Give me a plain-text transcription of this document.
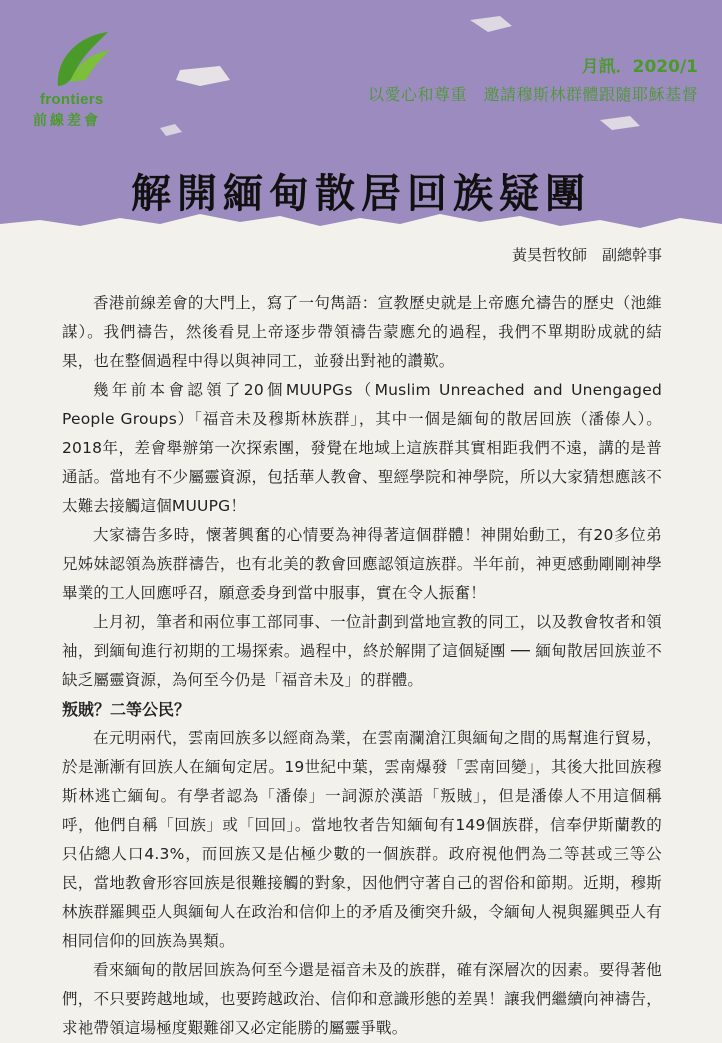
frontiers
前線差會
月訊．2020/1
以愛心和尊重　邀請穆斯林群體跟隨耶穌基督
解開緬甸散居回族疑團
黃昊哲牧師　副總幹事

香港前線差會的大門上，寫了一句雋語：宣教歷史就是上帝應允禱告的歷史（池維謀）。我們禱告，然後看見上帝逐步帶領禱告蒙應允的過程，我們不單期盼成就的結果，也在整個過程中得以與神同工，並發出對祂的讚歎。

幾年前本會認領了20個MUUPGs（Muslim Unreached and Unengaged People Groups）「福音未及穆斯林族群」，其中一個是緬甸的散居回族（潘傣人）。2018年，差會舉辦第一次探索團，發覺在地域上這族群其實相距我們不遠，講的是普通話。當地有不少屬靈資源，包括華人教會、聖經學院和神學院，所以大家猜想應該不太難去接觸這個MUUPG！

大家禱告多時，懷著興奮的心情要為神得著這個群體！神開始動工，有20多位弟兄姊妹認領為族群禱告，也有北美的教會回應認領這族群。半年前，神更感動剛剛神學畢業的工人回應呼召，願意委身到當中服事，實在令人振奮！

上月初，筆者和兩位事工部同事、一位計劃到當地宣教的同工，以及教會牧者和領袖，到緬甸進行初期的工場探索。過程中，終於解開了這個疑團 ── 緬甸散居回族並不缺乏屬靈資源，為何至今仍是「福音未及」的群體。

叛賊？二等公民？

在元明兩代，雲南回族多以經商為業，在雲南瀾滄江與緬甸之間的馬幫進行貿易，於是漸漸有回族人在緬甸定居。19世紀中葉，雲南爆發「雲南回變」，其後大批回族穆斯林逃亡緬甸。有學者認為「潘傣」一詞源於漢語「叛賊」，但是潘傣人不用這個稱呼，他們自稱「回族」或「回回」。當地牧者告知緬甸有149個族群，信奉伊斯蘭教的只佔總人口4.3%，而回族又是佔極少數的一個族群。政府視他們為二等甚或三等公民，當地教會形容回族是很難接觸的對象，因他們守著自己的習俗和節期。近期，穆斯林族群羅興亞人與緬甸人在政治和信仰上的矛盾及衝突升級，令緬甸人視與羅興亞人有相同信仰的回族為異類。

看來緬甸的散居回族為何至今還是福音未及的族群，確有深層次的因素。要得著他們，不只要跨越地域，也要跨越政治、信仰和意識形態的差異！讓我們繼續向神禱告，求祂帶領這場極度艱難卻又必定能勝的屬靈爭戰。
